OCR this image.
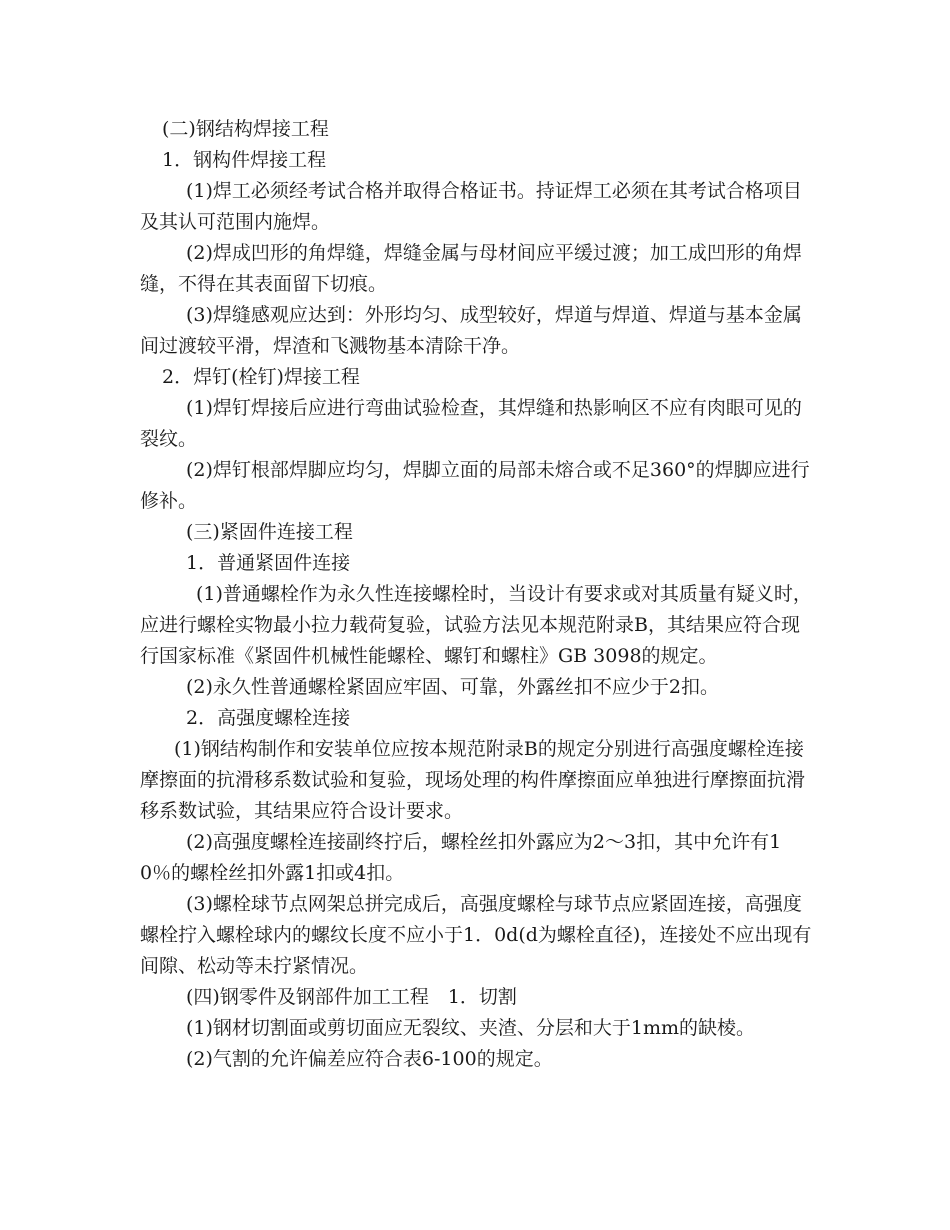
(二)钢结构焊接工程

1．钢构件焊接工程

(1)焊工必须经考试合格并取得合格证书。持证焊工必须在其考试合格项目及其认可范围内施焊。

(2)焊成凹形的角焊缝，焊缝金属与母材间应平缓过渡；加工成凹形的角焊缝，不得在其表面留下切痕。

(3)焊缝感观应达到：外形均匀、成型较好，焊道与焊道、焊道与基本金属间过渡较平滑，焊渣和飞溅物基本清除干净。

2．焊钉(栓钉)焊接工程

(1)焊钉焊接后应进行弯曲试验检查，其焊缝和热影响区不应有肉眼可见的裂纹。

(2)焊钉根部焊脚应均匀，焊脚立面的局部未熔合或不足360°的焊脚应进行修补。

(三)紧固件连接工程

1．普通紧固件连接

(1)普通螺栓作为永久性连接螺栓时，当设计有要求或对其质量有疑义时，应进行螺栓实物最小拉力载荷复验，试验方法见本规范附录B，其结果应符合现行国家标准《紧固件机械性能螺栓、螺钉和螺柱》GB 3098的规定。

(2)永久性普通螺栓紧固应牢固、可靠，外露丝扣不应少于2扣。

2．高强度螺栓连接

(1)钢结构制作和安装单位应按本规范附录B的规定分别进行高强度螺栓连接摩擦面的抗滑移系数试验和复验，现场处理的构件摩擦面应单独进行摩擦面抗滑移系数试验，其结果应符合设计要求。

(2)高强度螺栓连接副终拧后，螺栓丝扣外露应为2～3扣，其中允许有10％的螺栓丝扣外露1扣或4扣。

(3)螺栓球节点网架总拼完成后，高强度螺栓与球节点应紧固连接，高强度螺栓拧入螺栓球内的螺纹长度不应小于1．0d(d为螺栓直径)，连接处不应出现有间隙、松动等未拧紧情况。

(四)钢零件及钢部件加工工程　1．切割

(1)钢材切割面或剪切面应无裂纹、夹渣、分层和大于1mm的缺棱。

(2)气割的允许偏差应符合表6-100的规定。
